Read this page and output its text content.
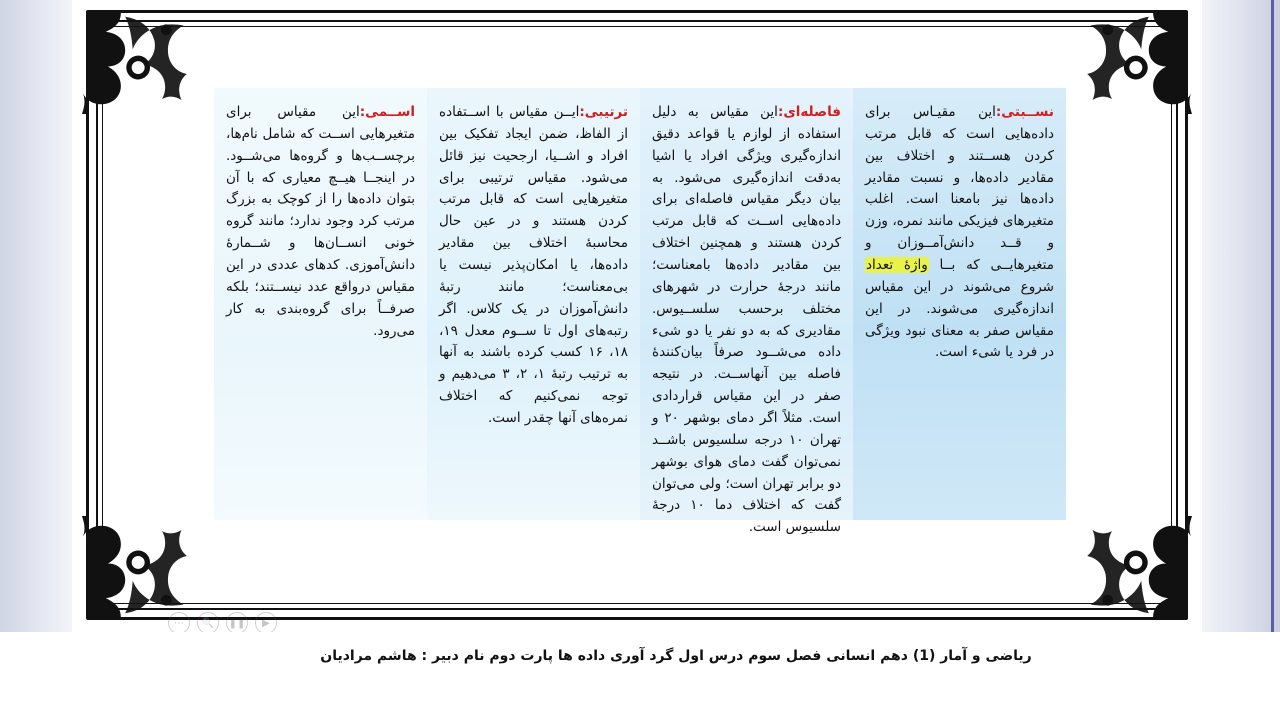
نســبتی:این مقیـاس برای داده‌هایی است که قابل مرتب کردن هســتند و اختلاف بین مقادیر داده‌ها، و نسبت مقادیر داده‌ها نیز بامعنا است. اغلب متغیرهای فیزیکی مانند نمره، وزن و قــد دانش‌آمــوزان و متغیرهایــی که بــا واژۀ تعداد شروع می‌شوند در این مقیاس اندازه‌گیری می‌شوند. در این مقیاس صفر به معنای نبود ویژگی در فرد یا شیء است.

فاصله‌ای:این مقیاس به دلیل استفاده از لوازم یا قواعد دقیق اندازه‌گیری ویژگی افراد یا اشیا به‌دقت اندازه‌گیری می‌شود. به بیان دیگر مقیاس فاصله‌ای برای داده‌هایی اســت که قابل مرتب کردن هستند و همچنین اختلاف بین مقادیر داده‌ها بامعناست؛ مانند درجۀ حرارت در شهرهای مختلف برحسب سلســیوس. مقادیری که به دو نفر یا دو شیء داده می‌شــود صرفاً بیان‌کنندۀ فاصله بین آنهاســت. در نتیجه صفر در این مقیاس قراردادی است. مثلاً اگر دمای بوشهر ۲۰ و تهران ۱۰ درجه سلسیوس باشــد نمی‌توان گفت دمای هوای بوشهر دو برابر تهران است؛ ولی می‌توان گفت که اختلاف دما ۱۰ درجۀ سلسیوس است.

ترتیبی:ایــن مقیاس با اســتفاده از الفاظ، ضمن ایجاد تفکیک بین افراد و اشــیا، ارجحیت نیز قائل می‌شود. مقیاس ترتیبی برای متغیرهایی است که قابل مرتب کردن هستند و در عین حال محاسبۀ اختلاف بین مقادیر داده‌ها، یا امکان‌پذیر نیست یا بی‌معناست؛ مانند رتبۀ دانش‌آموزان در یک کلاس. اگر رتبه‌های اول تا ســوم معدل ۱۹، ۱۸، ۱۶ کسب کرده باشند به آنها به ترتیب رتبۀ ۱، ۲، ۳ می‌دهیم و توجه نمی‌کنیم که اختلاف نمره‌های آنها چقدر است.

اســمی:این مقیاس برای متغیرهایی اســت که شامل نام‌ها، برچســب‌ها و گروه‌ها می‌شــود. در اینجــا هیــچ معیاری که با آن بتوان داده‌ها را از کوچک به بزرگ مرتب کرد وجود ندارد؛ مانند گروه خونی انســان‌ها و شــمارۀ دانش‌آموزی. کدهای عددی در این مقیاس درواقع عدد نیســتند؛ بلکه صرفــاً برای گروه‌بندی به کار می‌رود.

▶
❚❚
🔍
⋯
ریاضی و آمار (1) دهم انسانی فصل سوم درس اول گرد آوری داده ها پارت دوم نام دبیر : هاشم مرادیان
